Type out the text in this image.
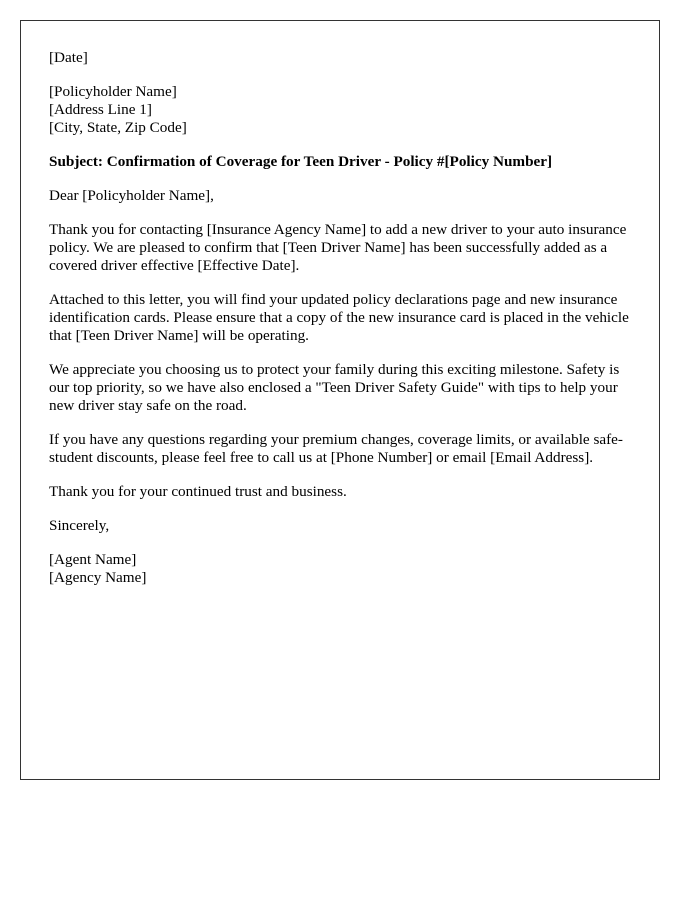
[Date]
[Policyholder Name]
[Address Line 1]
[City, State, Zip Code]

Subject: Confirmation of Coverage for Teen Driver - Policy #[Policy Number]

Dear [Policyholder Name],

Thank you for contacting [Insurance Agency Name] to add a new driver to your auto insurance policy. We are pleased to confirm that [Teen Driver Name] has been successfully added as a covered driver effective [Effective Date].

Attached to this letter, you will find your updated policy declarations page and new insurance identification cards. Please ensure that a copy of the new insurance card is placed in the vehicle that [Teen Driver Name] will be operating.

We appreciate you choosing us to protect your family during this exciting milestone. Safety is our top priority, so we have also enclosed a "Teen Driver Safety Guide" with tips to help your new driver stay safe on the road.

If you have any questions regarding your premium changes, coverage limits, or available safe-student discounts, please feel free to call us at [Phone Number] or email [Email Address].

Thank you for your continued trust and business.

Sincerely,

[Agent Name]
[Agency Name]
